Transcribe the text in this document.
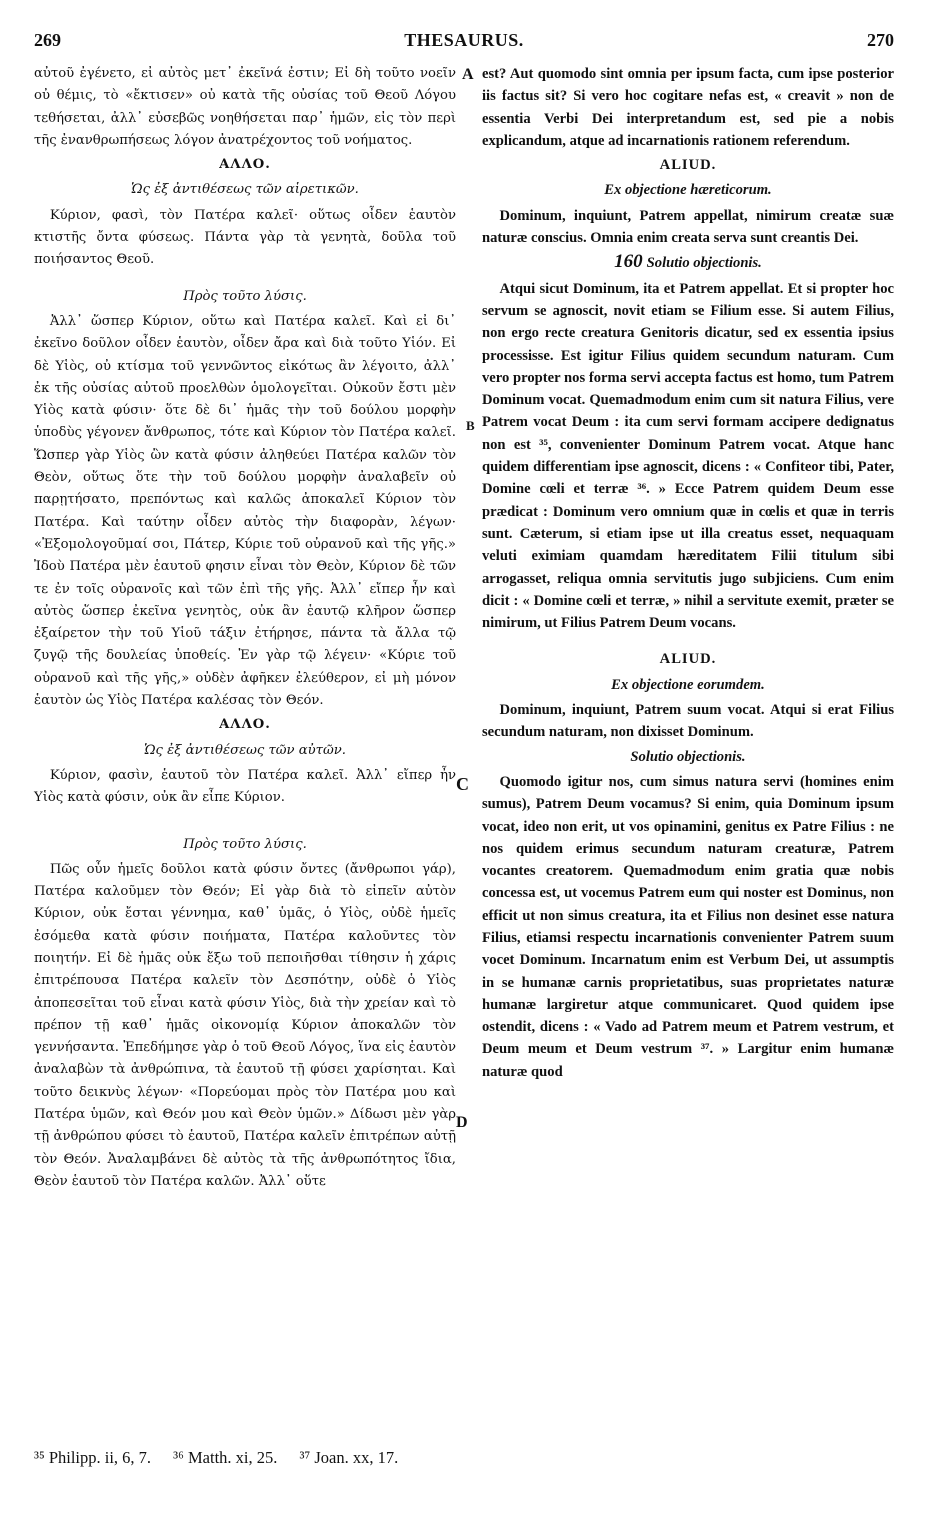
269	THESAURUS.	270
A
B
C
D

αὐτοῦ ἐγένετο, εἰ αὐτὸς μετ᾽ ἐκεῖνά ἐστιν; Εἰ δὴ τοῦτο νοεῖν οὐ θέμις, τὸ «ἔκτισεν» οὐ κατὰ τῆς οὐσίας τοῦ Θεοῦ Λόγου τεθήσεται, ἀλλ᾽ εὐσεβῶς νοηθήσεται παρ᾽ ἡμῶν, εἰς τὸν περὶ τῆς ἐνανθρωπήσεως λόγον ἀνατρέχοντος τοῦ νοήματος.

ΑΛΛΟ.
Ὡς ἐξ ἀντιθέσεως τῶν αἱρετικῶν.

Κύριον, φασὶ, τὸν Πατέρα καλεῖ· οὕτως οἶδεν ἑαυτὸν κτιστῆς ὄντα φύσεως. Πάντα γὰρ τὰ γενητὰ, δοῦλα τοῦ ποιήσαντος Θεοῦ.

Πρὸς τοῦτο λύσις.

Ἀλλ᾽ ὥσπερ Κύριον, οὕτω καὶ Πατέρα καλεῖ. Καὶ εἰ δι᾽ ἐκεῖνο δοῦλον οἶδεν ἑαυτὸν, οἶδεν ἄρα καὶ διὰ τοῦτο Υἱόν. Εἰ δὲ Υἱὸς, οὐ κτίσμα τοῦ γεννῶντος εἰκότως ἂν λέγοιτο, ἀλλ᾽ ἐκ τῆς οὐσίας αὐτοῦ προελθὼν ὁμολογεῖται. Οὐκοῦν ἔστι μὲν Υἱὸς κατὰ φύσιν· ὅτε δὲ δι᾽ ἡμᾶς τὴν τοῦ δούλου μορφὴν ὑποδὺς γέγονεν ἄνθρωπος, τότε καὶ Κύριον τὸν Πατέρα καλεῖ. Ὥσπερ γὰρ Υἱὸς ὢν κατὰ φύσιν ἀληθεύει Πατέρα καλῶν τὸν Θεὸν, οὕτως ὅτε τὴν τοῦ δούλου μορφὴν ἀναλαβεῖν οὐ παρῃτήσατο, πρεπόντως καὶ καλῶς ἀποκαλεῖ Κύριον τὸν Πατέρα. Καὶ ταύτην οἶδεν αὐτὸς τὴν διαφορὰν, λέγων· «Ἐξομολογοῦμαί σοι, Πάτερ, Κύριε τοῦ οὐρανοῦ καὶ τῆς γῆς.» Ἰδοὺ Πατέρα μὲν ἑαυτοῦ φησιν εἶναι τὸν Θεὸν, Κύριον δὲ τῶν τε ἐν τοῖς οὐρανοῖς καὶ τῶν ἐπὶ τῆς γῆς. Ἀλλ᾽ εἴπερ ἦν καὶ αὐτὸς ὥσπερ ἐκεῖνα γενητὸς, οὐκ ἂν ἑαυτῷ κλῆρον ὥσπερ ἐξαίρετον τὴν τοῦ Υἱοῦ τάξιν ἐτήρησε, πάντα τὰ ἄλλα τῷ ζυγῷ τῆς δουλείας ὑποθείς. Ἐν γὰρ τῷ λέγειν· «Κύριε τοῦ οὐρανοῦ καὶ τῆς γῆς,» οὐδὲν ἀφῆκεν ἐλεύθερον, εἰ μὴ μόνον ἑαυτὸν ὡς Υἱὸς Πατέρα καλέσας τὸν Θεόν.

ΑΛΛΟ.
Ὡς ἐξ ἀντιθέσεως τῶν αὐτῶν.

Κύριον, φασὶν, ἑαυτοῦ τὸν Πατέρα καλεῖ. Ἀλλ᾽ εἴπερ ἦν Υἱὸς κατὰ φύσιν, οὐκ ἂν εἶπε Κύριον.

Πρὸς τοῦτο λύσις.

Πῶς οὖν ἡμεῖς δοῦλοι κατὰ φύσιν ὄντες (ἄνθρωποι γάρ), Πατέρα καλοῦμεν τὸν Θεόν; Εἰ γὰρ διὰ τὸ εἰπεῖν αὐτὸν Κύριον, οὐκ ἔσται γέννημα, καθ᾽ ὑμᾶς, ὁ Υἱὸς, οὐδὲ ἡμεῖς ἐσόμεθα κατὰ φύσιν ποιήματα, Πατέρα καλοῦντες τὸν ποιητήν. Εἰ δὲ ἡμᾶς οὐκ ἔξω τοῦ πεποιῆσθαι τίθησιν ἡ χάρις ἐπιτρέπουσα Πατέρα καλεῖν τὸν Δεσπότην, οὐδὲ ὁ Υἱὸς ἀποπεσεῖται τοῦ εἶναι κατὰ φύσιν Υἱὸς, διὰ τὴν χρείαν καὶ τὸ πρέπον τῇ καθ᾽ ἡμᾶς οἰκονομίᾳ Κύριον ἀποκαλῶν τὸν γεννήσαντα. Ἐπεδήμησε γὰρ ὁ τοῦ Θεοῦ Λόγος, ἵνα εἰς ἑαυτὸν ἀναλαβὼν τὰ ἀνθρώπινα, τὰ ἑαυτοῦ τῇ φύσει χαρίσηται. Καὶ τοῦτο δεικνὺς λέγων· «Πορεύομαι πρὸς τὸν Πατέρα μου καὶ Πατέρα ὑμῶν, καὶ Θεόν μου καὶ Θεὸν ὑμῶν.» Δίδωσι μὲν γὰρ τῇ ἀνθρώπου φύσει τὸ ἑαυτοῦ, Πατέρα καλεῖν ἐπιτρέπων αὐτῇ τὸν Θεόν. Ἀναλαμβάνει δὲ αὐτὸς τὰ τῆς ἀνθρωπότητος ἴδια, Θεὸν ἑαυτοῦ τὸν Πατέρα καλῶν. Ἀλλ᾽ οὕτε

est? Aut quomodo sint omnia per ipsum facta, cum ipse posterior iis factus sit? Si vero hoc cogitare nefas est, « creavit » non de essentia Verbi Dei interpretandum est, sed pie a nobis explicandum, atque ad incarnationis rationem referendum.

ALIUD.
Ex objectione hæreticorum.

Dominum, inquiunt, Patrem appellat, nimirum creatæ suæ naturæ conscius. Omnia enim creata serva sunt creantis Dei.

160 Solutio objectionis.

Atqui sicut Dominum, ita et Patrem appellat. Et si propter hoc servum se agnoscit, novit etiam se Filium esse. Si autem Filius, non ergo recte creatura Genitoris dicatur, sed ex essentia ipsius processisse. Est igitur Filius quidem secundum naturam. Cum vero propter nos forma servi accepta factus est homo, tum Patrem Dominum vocat. Quemadmodum enim cum sit natura Filius, vere Patrem vocat Deum : ita cum servi formam accipere dedignatus non est ³⁵, convenienter Dominum Patrem vocat. Atque hanc quidem differentiam ipse agnoscit, dicens : « Confiteor tibi, Pater, Domine cœli et terræ ³⁶. » Ecce Patrem quidem Deum esse prædicat : Dominum vero omnium quæ in cœlis et quæ in terris sunt. Cæterum, si etiam ipse ut illa creatus esset, nequaquam veluti eximiam quamdam hæreditatem Filii titulum sibi arrogasset, reliqua omnia servitutis jugo subjiciens. Cum enim dicit : « Domine cœli et terræ, » nihil a servitute exemit, præter se nimirum, ut Filius Patrem Deum vocans.

ALIUD.
Ex objectione eorumdem.

Dominum, inquiunt, Patrem suum vocat. Atqui si erat Filius secundum naturam, non dixisset Dominum.

Solutio objectionis.

Quomodo igitur nos, cum simus natura servi (homines enim sumus), Patrem Deum vocamus? Si enim, quia Dominum ipsum vocat, ideo non erit, ut vos opinamini, genitus ex Patre Filius : ne nos quidem erimus secundum naturam creaturæ, Patrem vocantes creatorem. Quemadmodum enim gratia quæ nobis concessa est, ut vocemus Patrem eum qui noster est Dominus, non efficit ut non simus creatura, ita et Filius non desinet esse natura Filius, etiamsi respectu incarnationis convenienter Patrem suum vocet Dominum. Incarnatum enim est Verbum Dei, ut assumptis in se humanæ carnis proprietatibus, suas proprietates naturæ humanæ largiretur atque communicaret. Quod quidem ipse ostendit, dicens : « Vado ad Patrem meum et Patrem vestrum, et Deum meum et Deum vestrum ³⁷. » Largitur enim humanæ naturæ quod

³⁵ Philipp. ii, 6, 7. ³⁶ Matth. xi, 25. ³⁷ Joan. xx, 17.
